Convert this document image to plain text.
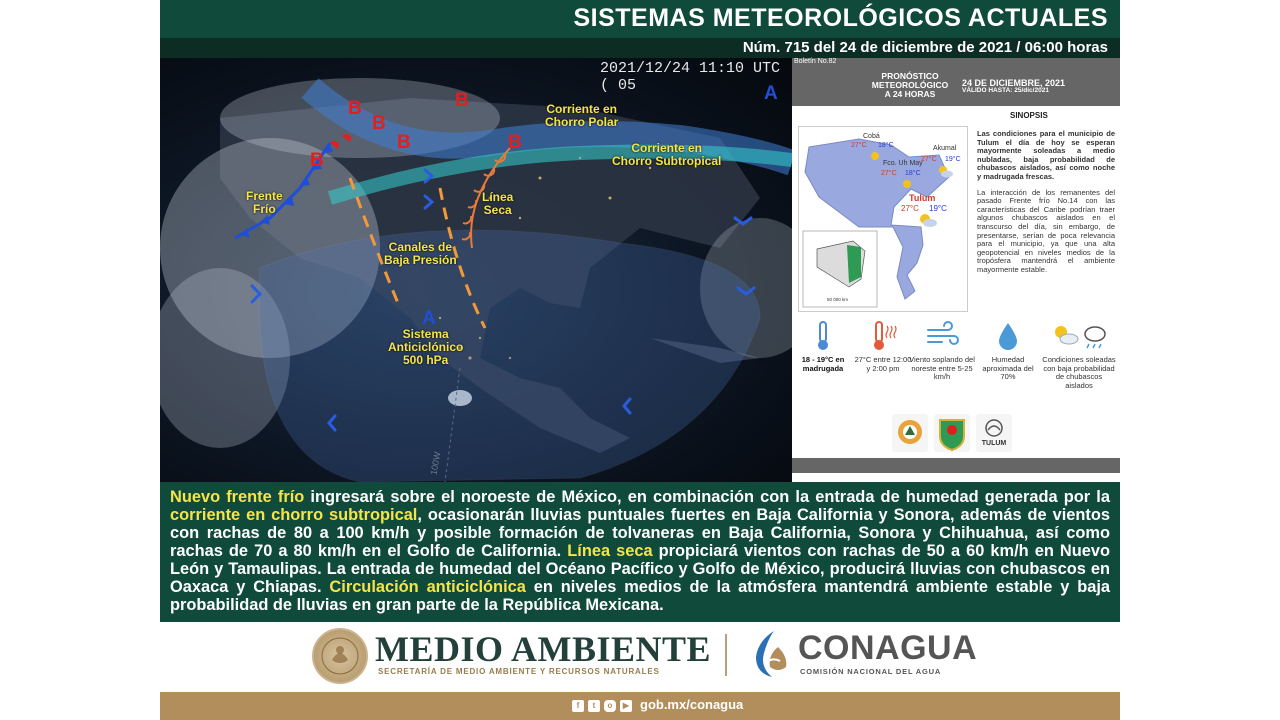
SISTEMAS METEOROLÓGICOS ACTUALES
Núm. 715 del 24 de diciembre de 2021 / 06:00 horas
100W
2021/12/24 11:10 UTC ( 05
B
B
B
B
B
B
A
A
Corriente en
Chorro Polar
Corriente en
Chorro Subtropical
Frente
Frío
Línea
Seca
Canales de
Baja Presión
Sistema
Anticiclónico
500 hPa
Boletín No.82
PRONÓSTICO
METEOROLÓGICO
A 24 HORAS
24 DE DICIEMBRE, 2021
VÁLIDO HASTA: 25/dic/2021
SINOPSIS
Cobá
27°C 18°C	Akumal
27°C 19°C
Fco. Uh May
27°C 18°C
Tulum
27°C 19°C
50 000 km

Las condiciones para el municipio de Tulum el día de hoy se esperan mayormente soleadas a medio nubladas, baja probabilidad de chubascos aislados, así como noche y madrugada frescas.

La interacción de los remanentes del pasado Frente frío No.14 con las características del Caribe podrían traer algunos chubascos aislados en el transcurso del día, sin embargo, de presentarse, serían de poca relevancia para el municipio, ya que una alta geopotencial en niveles medios de la tropósfera mantendrá el ambiente mayormente estable.

18 - 19°C en madrugada
27°C entre 12:00 y 2:00 pm
Viento soplando del noreste entre 5-25 km/h
Humedad aproximada del 70%
Condiciones soleadas con baja probabilidad de chubascos aislados
TULUM
Nuevo frente frío ingresará sobre el noroeste de México, en combinación con la entrada de humedad generada por la corriente en chorro subtropical, ocasionarán lluvias puntuales fuertes en Baja California y Sonora, además de vientos con rachas de 80 a 100 km/h y posible formación de tolvaneras en Baja California, Sonora y Chihuahua, así como rachas de 70 a 80 km/h en el Golfo de California. Línea seca propiciará vientos con rachas de 50 a 60 km/h en Nuevo León y Tamaulipas. La entrada de humedad del Océano Pacífico y Golfo de México, producirá lluvias con chubascos en Oaxaca y Chiapas. Circulación anticiclónica en niveles medios de la atmósfera mantendrá ambiente estable y baja probabilidad de lluvias en gran parte de la República Mexicana.
MEDIO AMBIENTE
SECRETARÍA DE MEDIO AMBIENTE Y RECURSOS NATURALES
CONAGUA
COMISIÓN NACIONAL DEL AGUA
f	t	o	▶ gob.mx/conagua
